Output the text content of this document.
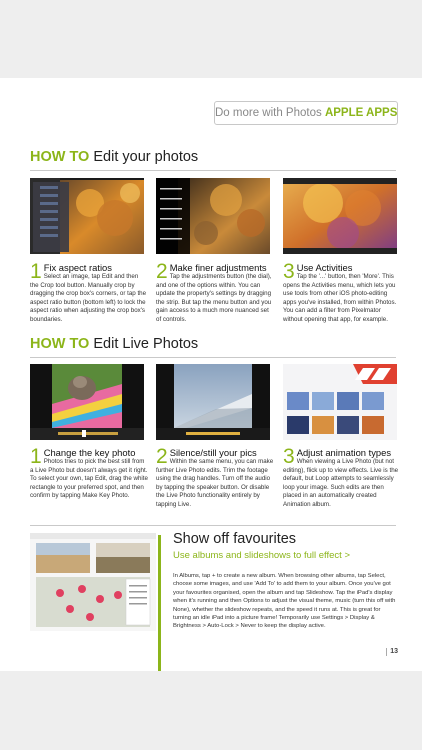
Do more with Photos APPLE APPS
HOW TO Edit your photos
1 Fix aspect ratios
Select an image, tap Edit and then the Crop tool button. Manually crop by dragging the crop box's corners, or tap the aspect ratio button (bottom left) to lock the aspect ratio when adjusting the crop box's boundaries.
2 Make finer adjustments
Tap the adjustments button (the dial), and one of the options within. You can update the property's settings by dragging the strip. But tap the menu button and you gain access to a much more nuanced set of controls.
3 Use Activities
Tap the '...' button, then 'More'. This opens the Activities menu, which lets you use tools from other iOS photo-editing apps you've installed, from within Photos. You can add a filter from Pixelmator without opening that app, for example.
HOW TO Edit Live Photos
1 Change the key photo
Photos tries to pick the best still from a Live Photo but doesn't always get it right. To select your own, tap Edit, drag the white rectangle to your preferred spot, and then confirm by tapping Make Key Photo.
2 Silence/still your pics
Within the same menu, you can make further Live Photo edits. Trim the footage using the drag handles. Turn off the audio by tapping the speaker button. Or disable the Live Photo functionality entirely by tapping Live.
3 Adjust animation types
When viewing a Live Photo (but not editing), flick up to view effects. Live is the default, but Loop attempts to seamlessly loop your image. Such edits are then placed in an automatically created Animation album.
Show off favourites
Use albums and slideshows to full effect >
In Albums, tap + to create a new album. When browsing other albums, tap Select, choose some images, and use 'Add To' to add them to your album. Once you've got your favourites organised, open the album and tap Slideshow. Tap the iPad's display when it's running and then Options to adjust the visual theme, music (turn this off with None), whether the slideshow repeats, and the speed it runs at. This is great for turning an idle iPad into a picture frame! Temporarily use Settings > Display & Brightness > Auto-Lock > Never to keep the display active.
13
